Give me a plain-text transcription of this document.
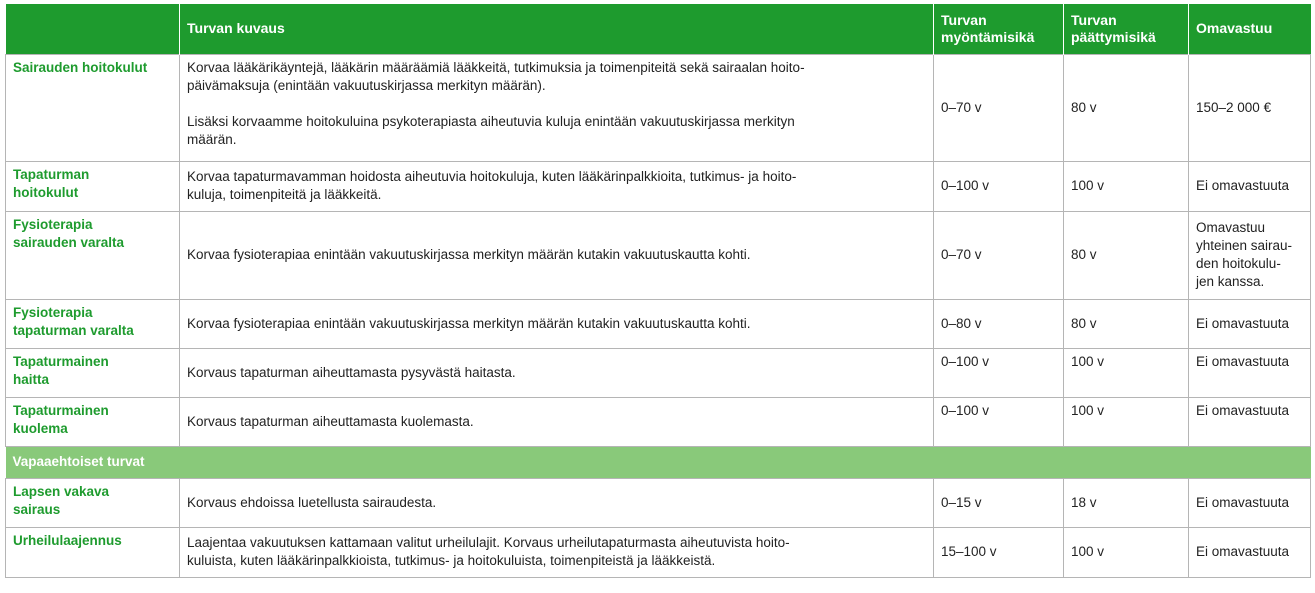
	Turvan kuvaus	Turvan
myöntämisikä	Turvan
päättymisikä	Omavastuu

Sairauden hoitokulut	Korvaa lääkärikäyntejä, lääkärin määräämiä lääkkeitä, tutkimuksia ja toimenpiteitä sekä sairaalan hoito-
päivämaksuja (enintään vakuutuskirjassa merkityn määrän).
Lisäksi korvaamme hoitokuluina psykoterapiasta aiheutuvia kuluja enintään vakuutuskirjassa merkityn
määrän.	0–70 v	80 v	150–2 000 €

Tapaturman
hoitokulut	Korvaa tapaturmavamman hoidosta aiheutuvia hoitokuluja, kuten lääkärinpalkkioita, tutkimus- ja hoito-
kuluja, toimenpiteitä ja lääkkeitä.	0–100 v	100 v	Ei omavastuuta

Fysioterapia
sairauden varalta	Korvaa fysioterapiaa enintään vakuutuskirjassa merkityn määrän kutakin vakuutuskautta kohti.	0–70 v	80 v	Omavastuu
yhteinen sairau-
den hoitokulu-
jen kanssa.

Fysioterapia
tapaturman varalta	Korvaa fysioterapiaa enintään vakuutuskirjassa merkityn määrän kutakin vakuutuskautta kohti.	0–80 v	80 v	Ei omavastuuta

Tapaturmainen
haitta	Korvaus tapaturman aiheuttamasta pysyvästä haitasta.	0–100 v	100 v	Ei omavastuuta

Tapaturmainen
kuolema	Korvaus tapaturman aiheuttamasta kuolemasta.	0–100 v	100 v	Ei omavastuuta
Vapaaehtoiset turvat				

Lapsen vakava
sairaus	Korvaus ehdoissa luetellusta sairaudesta.	0–15 v	18 v	Ei omavastuuta

Urheilulaajennus	Laajentaa vakuutuksen kattamaan valitut urheilulajit. Korvaus urheilutapaturmasta aiheutuvista hoito-
kuluista, kuten lääkärinpalkkioista, tutkimus- ja hoitokuluista, toimenpiteistä ja lääkkeistä.	15–100 v	100 v	Ei omavastuuta
